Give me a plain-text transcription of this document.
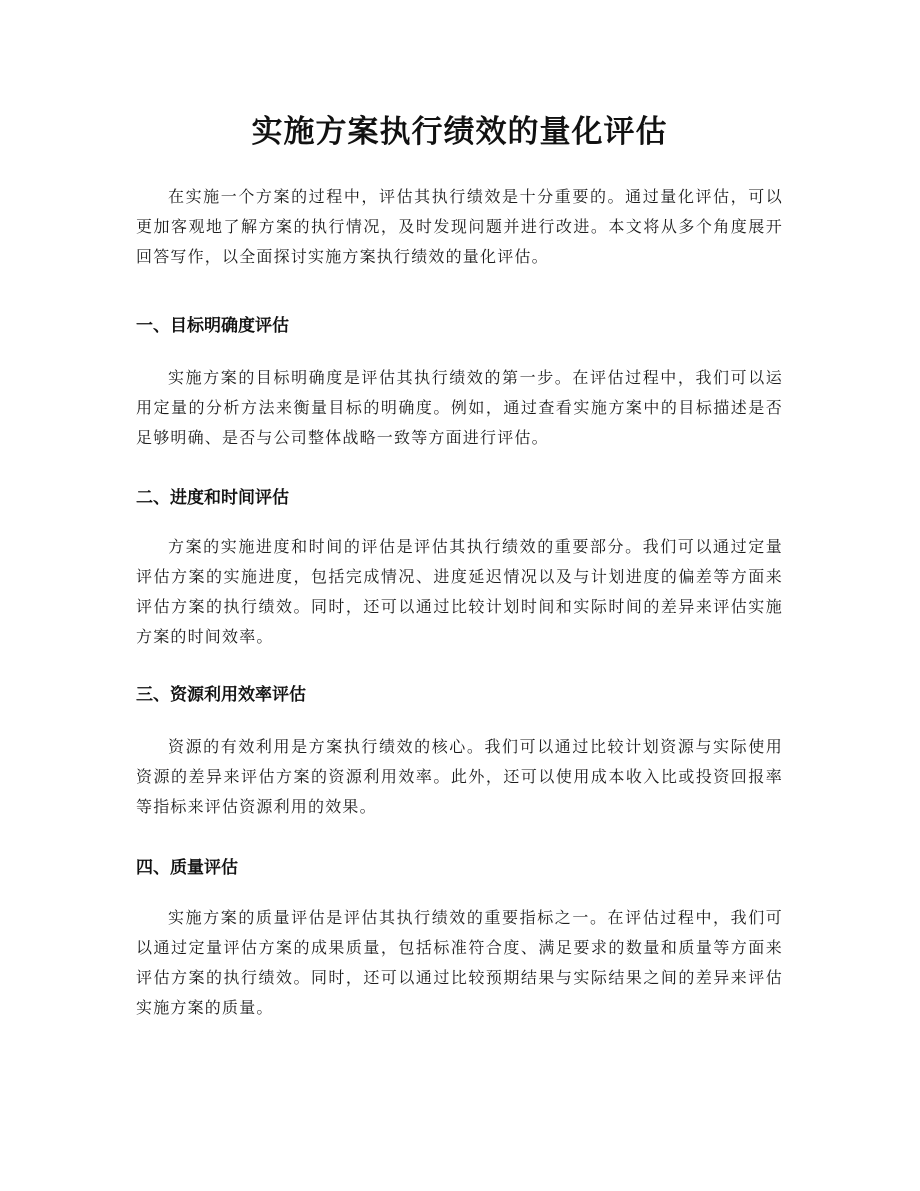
实施方案执行绩效的量化评估

在实施一个方案的过程中，评估其执行绩效是十分重要的。通过量化评估，可以更加客观地了解方案的执行情况，及时发现问题并进行改进。本文将从多个角度展开回答写作，以全面探讨实施方案执行绩效的量化评估。

一、目标明确度评估

实施方案的目标明确度是评估其执行绩效的第一步。在评估过程中，我们可以运用定量的分析方法来衡量目标的明确度。例如，通过查看实施方案中的目标描述是否足够明确、是否与公司整体战略一致等方面进行评估。

二、进度和时间评估

方案的实施进度和时间的评估是评估其执行绩效的重要部分。我们可以通过定量评估方案的实施进度，包括完成情况、进度延迟情况以及与计划进度的偏差等方面来评估方案的执行绩效。同时，还可以通过比较计划时间和实际时间的差异来评估实施方案的时间效率。

三、资源利用效率评估

资源的有效利用是方案执行绩效的核心。我们可以通过比较计划资源与实际使用资源的差异来评估方案的资源利用效率。此外，还可以使用成本收入比或投资回报率等指标来评估资源利用的效果。

四、质量评估

实施方案的质量评估是评估其执行绩效的重要指标之一。在评估过程中，我们可以通过定量评估方案的成果质量，包括标准符合度、满足要求的数量和质量等方面来评估方案的执行绩效。同时，还可以通过比较预期结果与实际结果之间的差异来评估实施方案的质量。
